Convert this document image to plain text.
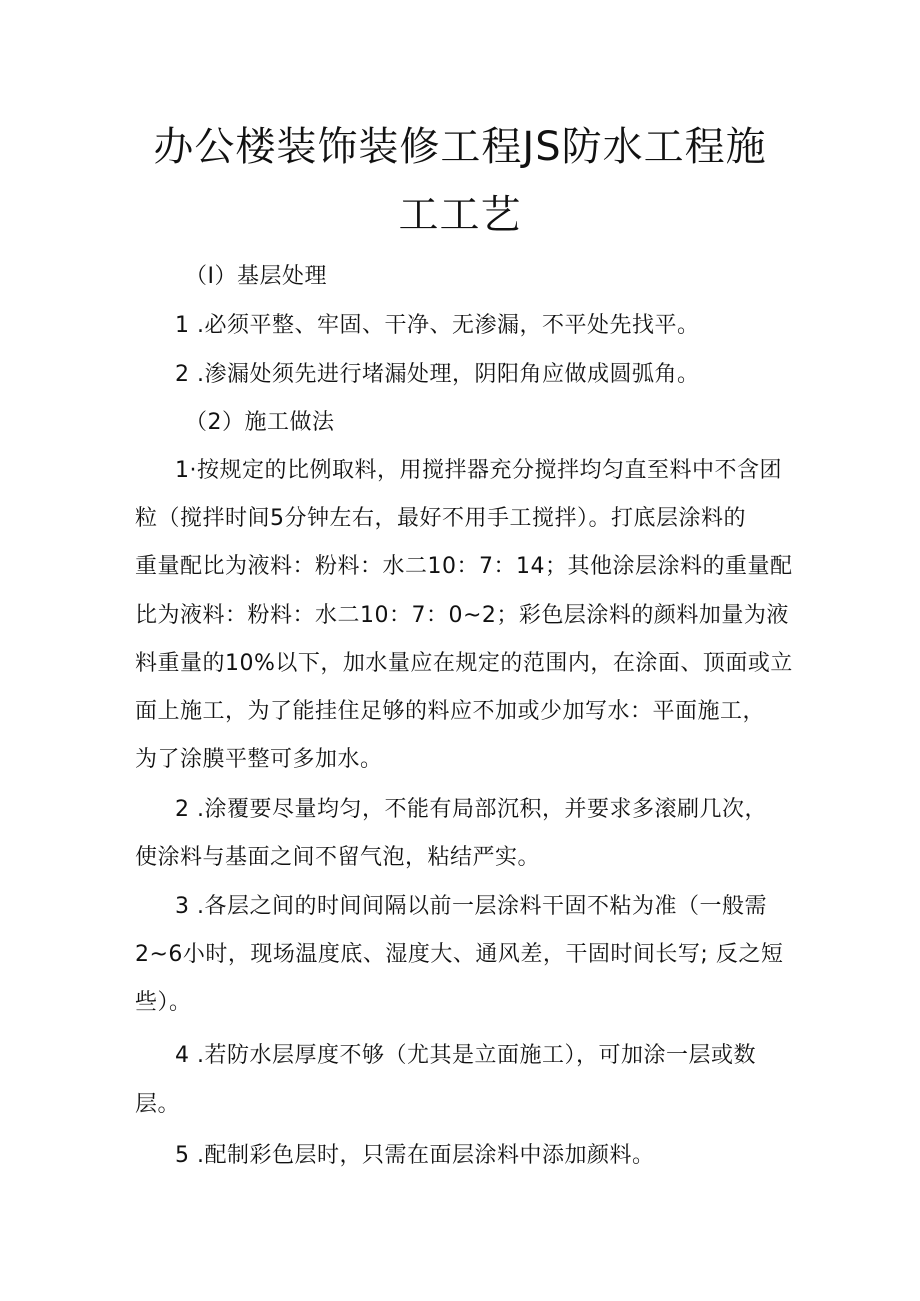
办公楼装饰装修工程JS防水工程施
工工艺
（I）基层处理
1 .必须平整、牢固、干净、无渗漏，不平处先找平。
2 .渗漏处须先进行堵漏处理，阴阳角应做成圆弧角。
（2）施工做法
1·按规定的比例取料，用搅拌器充分搅拌均匀直至料中不含团
粒（搅拌时间5分钟左右，最好不用手工搅拌）。打底层涂料的
重量配比为液料：粉料：水二10：7：14；其他涂层涂料的重量配
比为液料：粉料：水二10：7：0~2；彩色层涂料的颜料加量为液
料重量的10%以下，加水量应在规定的范围内，在涂面、顶面或立
面上施工，为了能挂住足够的料应不加或少加写水：平面施工，
为了涂膜平整可多加水。
2 .涂覆要尽量均匀，不能有局部沉积，并要求多滚刷几次，
使涂料与基面之间不留气泡，粘结严实。
3 .各层之间的时间间隔以前一层涂料干固不粘为准（一般需
2~6小时，现场温度底、湿度大、通风差，干固时间长写; 反之短
些）。
4 .若防水层厚度不够（尤其是立面施工），可加涂一层或数
层。
5 .配制彩色层时，只需在面层涂料中添加颜料。
